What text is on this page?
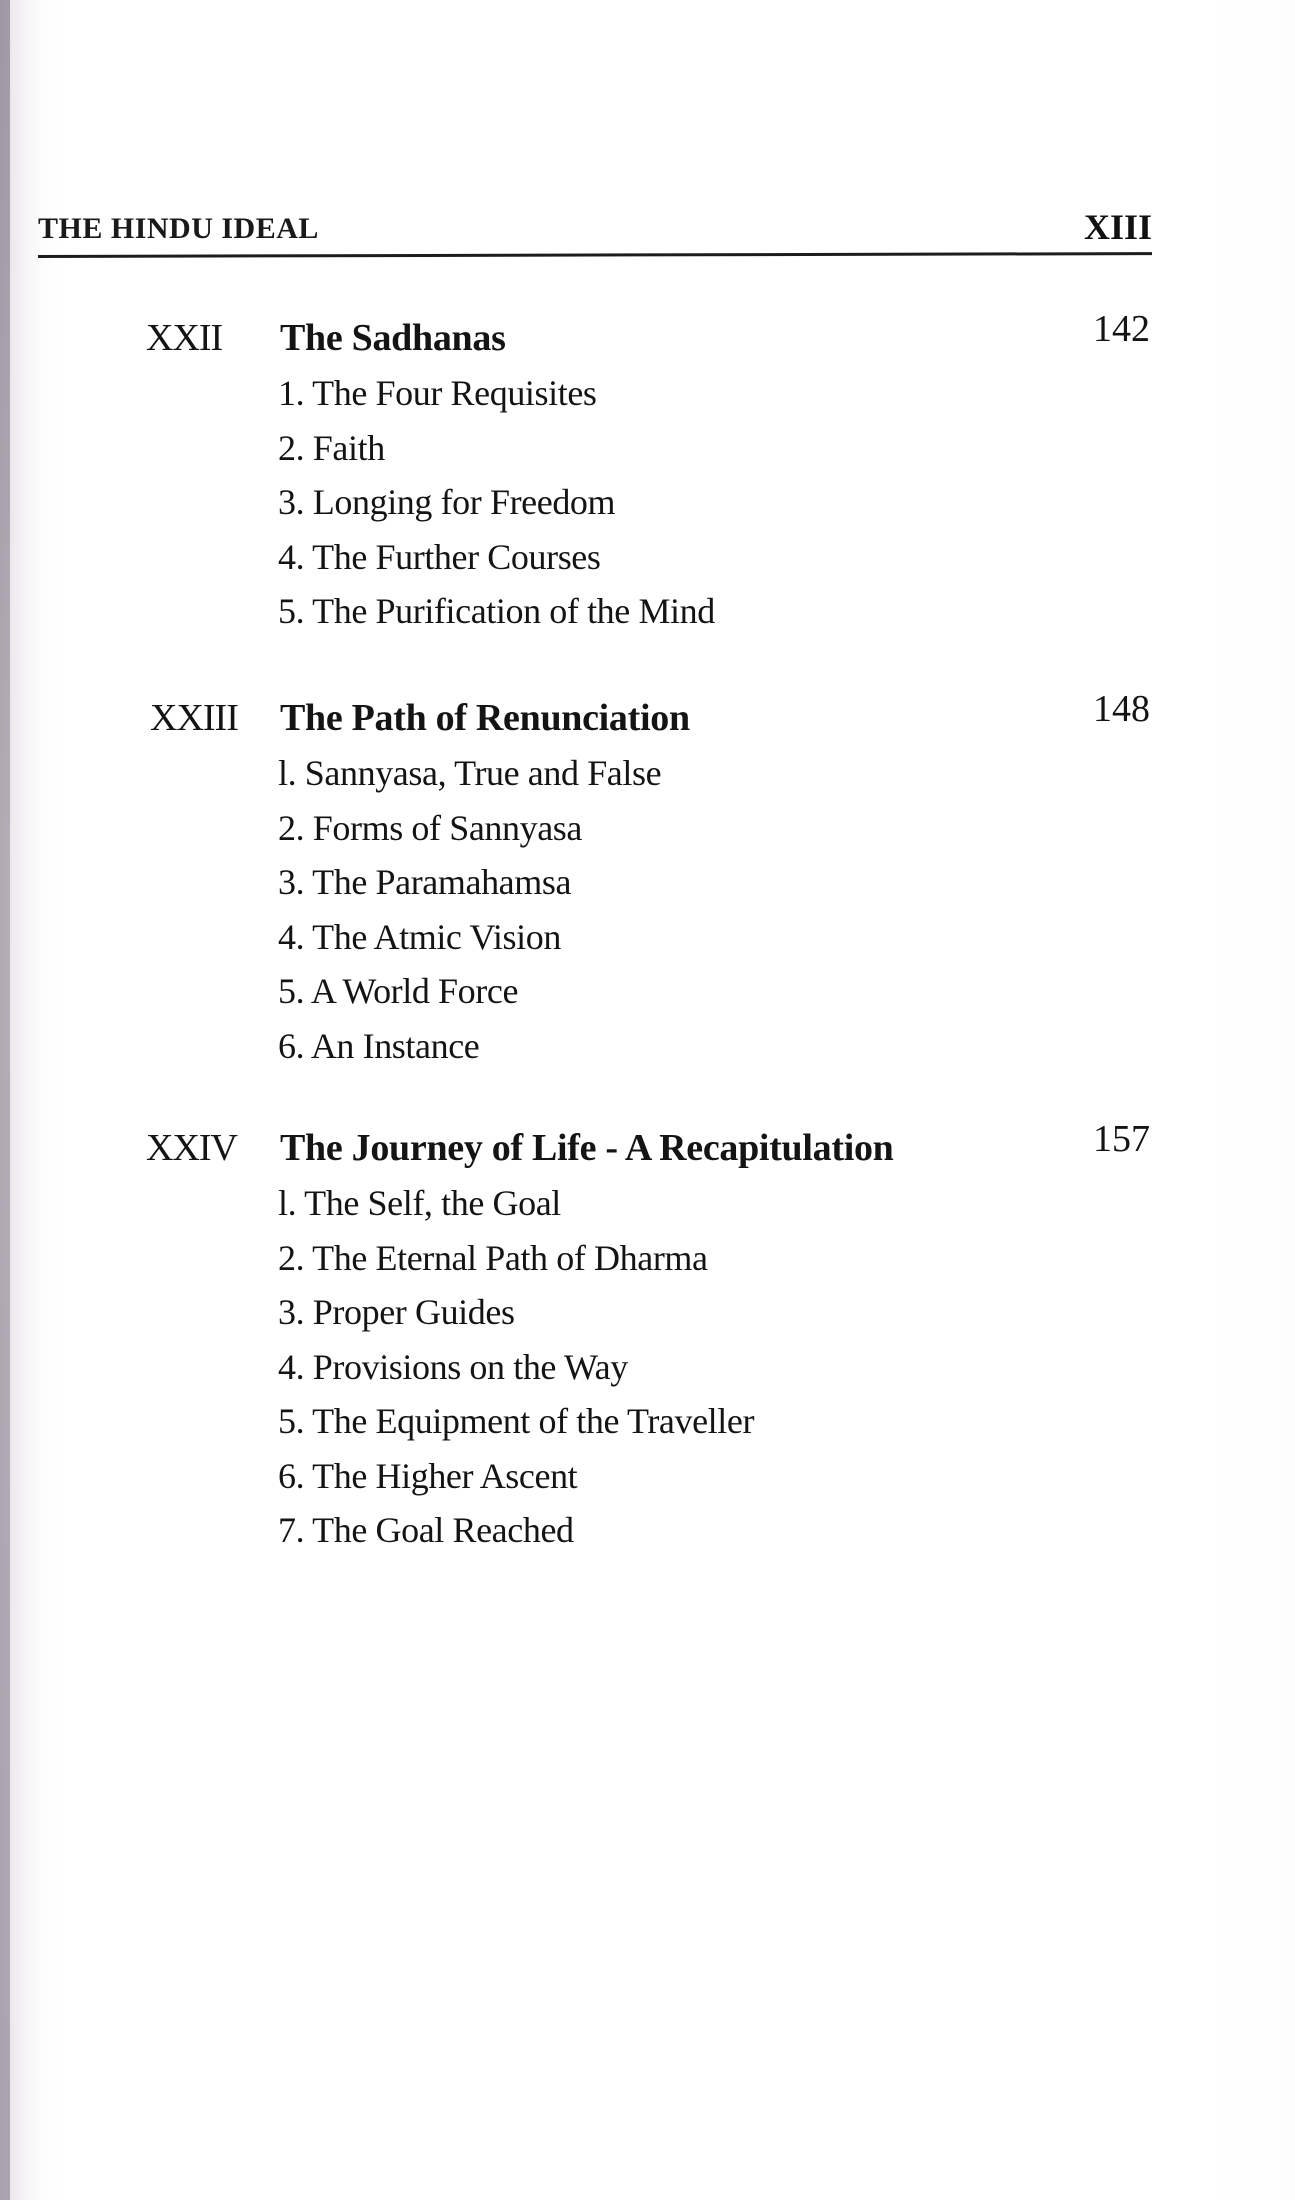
THE HINDU IDEAL	XIII
XXII The Sadhanas	142
1. The Four Requisites
2. Faith
3. Longing for Freedom
4. The Further Courses
5. The Purification of the Mind
XXIII The Path of Renunciation	148
l. Sannyasa, True and False
2. Forms of Sannyasa
3. The Paramahamsa
4. The Atmic Vision
5. A World Force
6. An Instance
XXIV The Journey of Life - A Recapitulation	157
l. The Self, the Goal
2. The Eternal Path of Dharma
3. Proper Guides
4. Provisions on the Way
5. The Equipment of the Traveller
6. The Higher Ascent
7. The Goal Reached
